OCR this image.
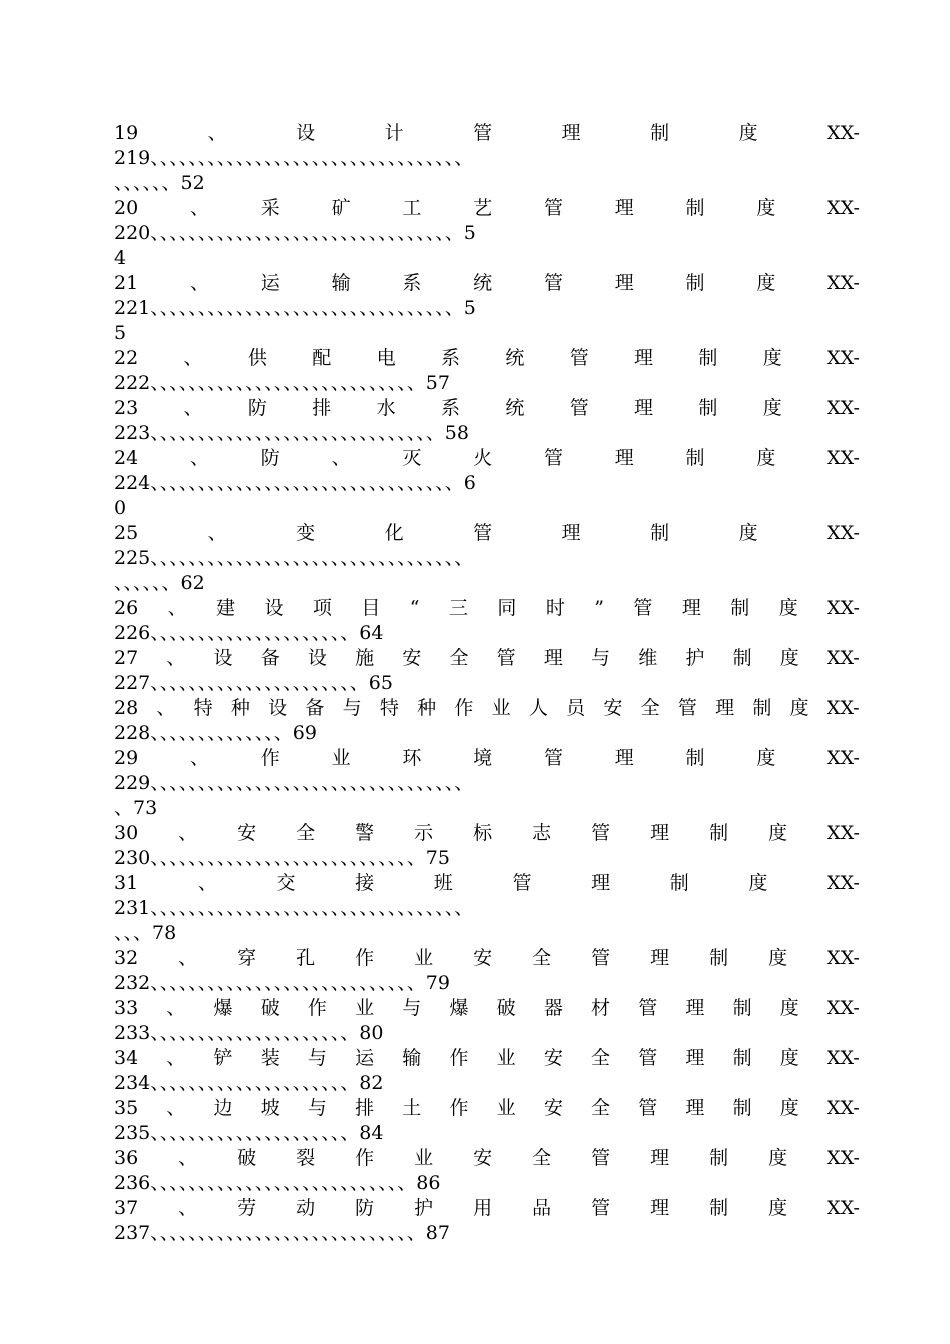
19	、	设	计	管	理	制	度	XX-
219、、、、、、、、、、、、、、、、、、、、、、、、、、、、、、、、、
、、、、、、52
20	、	采	矿	工	艺	管	理	制	度	XX-
220、、、、、、、、、、、、、、、、、、、、、、、、、、、、、、、、5
4
21	、	运	输	系	统	管	理	制	度	XX-
221、、、、、、、、、、、、、、、、、、、、、、、、、、、、、、、、5
5
22 、 供 配 电 系 统 管 理 制 度 XX-
222、、、、、、、、、、、、、、、、、、、、、、、、、、、、57
23 、 防 排 水 系 统 管 理 制 度 XX-
223、、、、、、、、、、、、、、、、、、、、、、、、、、、、、、58
24	、	防	、	灭	火	管	理	制	度	XX-
224、、、、、、、、、、、、、、、、、、、、、、、、、、、、、、、、6
0
25	、	变	化	管	理	制	度	XX-
225、、、、、、、、、、、、、、、、、、、、、、、、、、、、、、、、、
、、、、、、62
26 、 建 设 项 目 “ 三 同 时 ” 管 理 制 度 XX-
226、、、、、、、、、、、、、、、、、、、、、64
27 、 设 备 设 施 安 全 管 理 与 维 护 制 度 XX-
227、、、、、、、、、、、、、、、、、、、、、、65
28 、 特 种 设 备 与 特 种 作 业 人 员 安 全 管 理 制 度 XX-
228、、、、、、、、、、、、、、69
29	、	作	业	环	境	管	理	制	度	XX-
229、、、、、、、、、、、、、、、、、、、、、、、、、、、、、、、、、
、73
30 、 安 全 警 示 标 志 管 理 制 度 XX-
230、、、、、、、、、、、、、、、、、、、、、、、、、、、、75
31	、	交	接	班	管	理	制	度	XX-
231、、、、、、、、、、、、、、、、、、、、、、、、、、、、、、、、、
、、、78
32 、 穿 孔 作 业 安 全 管 理 制 度 XX-
232、、、、、、、、、、、、、、、、、、、、、、、、、、、、79
33 、 爆 破 作 业 与 爆 破 器 材 管 理 制 度 XX-
233、、、、、、、、、、、、、、、、、、、、、80
34 、 铲 装 与 运 输 作 业 安 全 管 理 制 度 XX-
234、、、、、、、、、、、、、、、、、、、、、82
35 、 边 坡 与 排 土 作 业 安 全 管 理 制 度 XX-
235、、、、、、、、、、、、、、、、、、、、、84
36 、 破 裂 作 业 安 全 管 理 制 度 XX-
236、、、、、、、、、、、、、、、、、、、、、、、、、、、86
37 、 劳 动 防 护 用 品 管 理 制 度 XX-
237、、、、、、、、、、、、、、、、、、、、、、、、、、、、87
